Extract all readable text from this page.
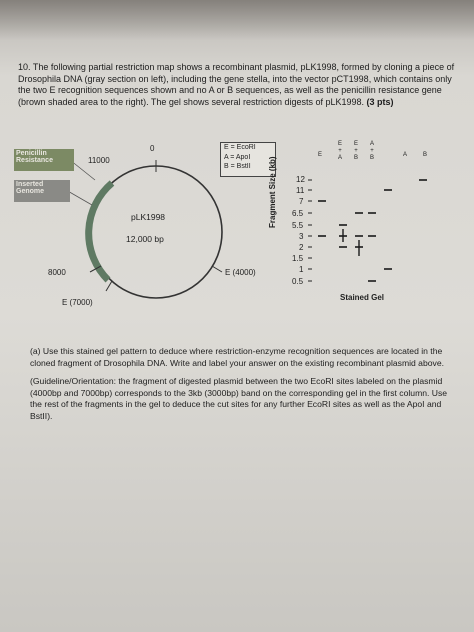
10. The following partial restriction map shows a recombinant plasmid, pLK1998, formed by cloning a piece of Drosophila DNA (gray section on left), including the gene stella, into the vector pCT1998, which contains only the two E recognition sequences shown and no A or B sequences, as well as the penicillin resistance gene (brown shaded area to the right). The gel shows several restriction digests of pLK1998. (3 pts)

0
11000
8000	E (4000)
E (7000)
pLK1998
12,000 bp
Penicillin Resistance
Inserted Genome
E = EcoRI
A = ApoI
B = BstII
E
E + A
E + B
A + B	A	B
12
11
7
6.5
5.5
3
2
1.5
1
0.5
Fragment Size (kb)
Stained Gel

(a) Use this stained gel pattern to deduce where restriction-enzyme recognition sequences are located in the cloned fragment of Drosophila DNA. Write and label your answer on the existing recombinant plasmid above.

(Guideline/Orientation: the fragment of digested plasmid between the two EcoRI sites labeled on the plasmid (4000bp and 7000bp) corresponds to the 3kb (3000bp) band on the corresponding gel in the first column. Use the rest of the fragments in the gel to deduce the cut sites for any further EcoRI sites as well as the ApoI and BstII).
